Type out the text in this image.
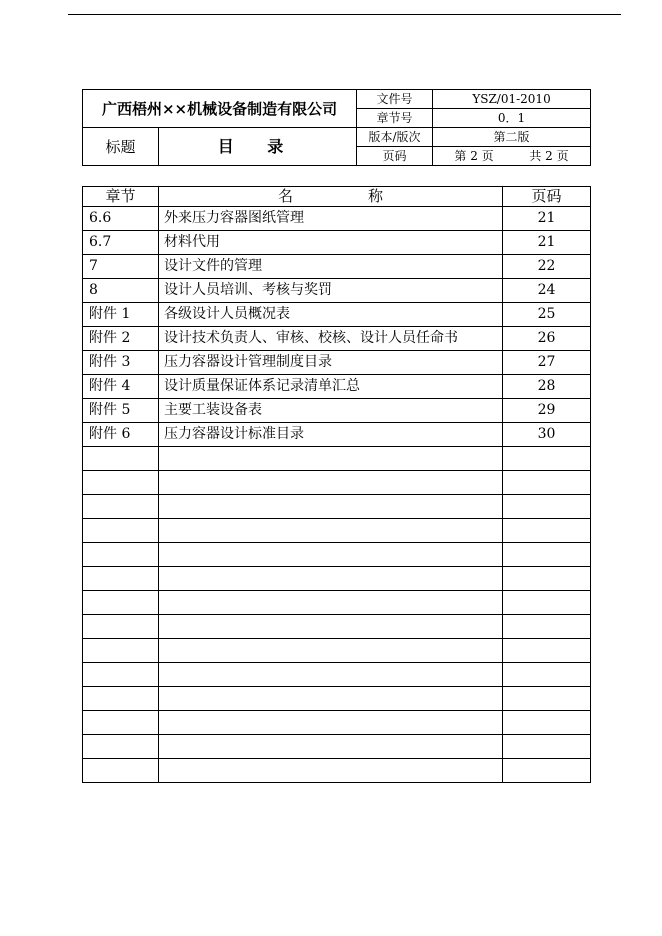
广西梧州××机械设备制造有限公司		文件号	YSZ/01-2010
		章节号	0．1
标题	目 录	版本/版次	第二版
		页码	第 2 页 共 2 页
章节	名　　　　　称	页码
6.6	外来压力容器图纸管理	21
6.7	材料代用	21
7	设计文件的管理	22
8	设计人员培训、考核与奖罚	24
附件 1	各级设计人员概况表	25
附件 2	设计技术负责人、审核、校核、设计人员任命书	26
附件 3	压力容器设计管理制度目录	27
附件 4	设计质量保证体系记录清单汇总	28
附件 5	主要工装设备表	29
附件 6	压力容器设计标准目录	30
